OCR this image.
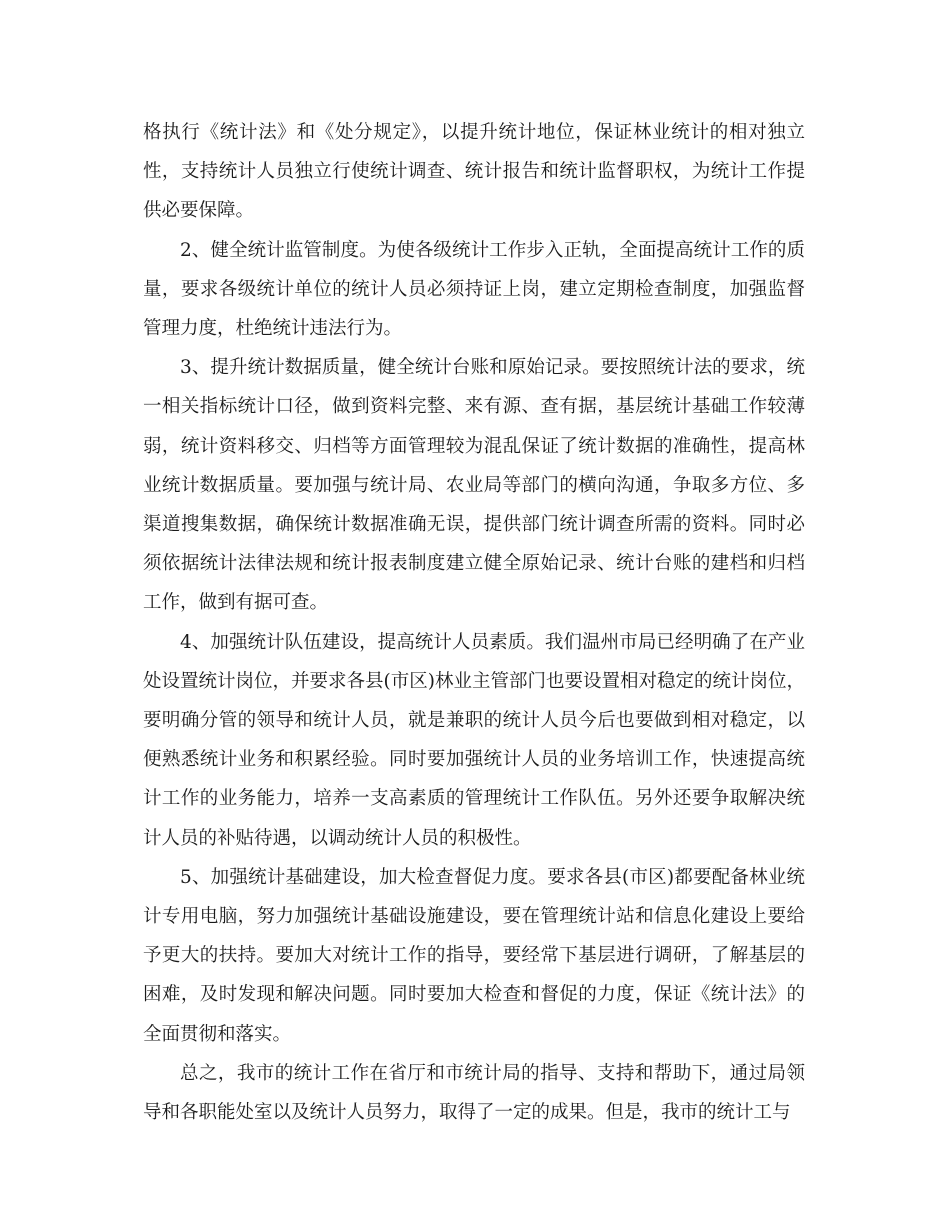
格执行《统计法》和《处分规定》，以提升统计地位，保证林业统计的相对独立性，支持统计人员独立行使统计调查、统计报告和统计监督职权，为统计工作提供必要保障。

2、健全统计监管制度。为使各级统计工作步入正轨，全面提高统计工作的质量，要求各级统计单位的统计人员必须持证上岗，建立定期检查制度，加强监督管理力度，杜绝统计违法行为。

3、提升统计数据质量，健全统计台账和原始记录。要按照统计法的要求，统一相关指标统计口径，做到资料完整、来有源、查有据，基层统计基础工作较薄弱，统计资料移交、归档等方面管理较为混乱保证了统计数据的准确性，提高林业统计数据质量。要加强与统计局、农业局等部门的横向沟通，争取多方位、多渠道搜集数据，确保统计数据准确无误，提供部门统计调查所需的资料。同时必须依据统计法律法规和统计报表制度建立健全原始记录、统计台账的建档和归档工作，做到有据可查。

4、加强统计队伍建设，提高统计人员素质。我们温州市局已经明确了在产业处设置统计岗位，并要求各县(市区)林业主管部门也要设置相对稳定的统计岗位，要明确分管的领导和统计人员，就是兼职的统计人员今后也要做到相对稳定，以便熟悉统计业务和积累经验。同时要加强统计人员的业务培训工作，快速提高统计工作的业务能力，培养一支高素质的管理统计工作队伍。另外还要争取解决统计人员的补贴待遇，以调动统计人员的积极性。

5、加强统计基础建设，加大检查督促力度。要求各县(市区)都要配备林业统计专用电脑，努力加强统计基础设施建设，要在管理统计站和信息化建设上要给予更大的扶持。要加大对统计工作的指导，要经常下基层进行调研，了解基层的困难，及时发现和解决问题。同时要加大检查和督促的力度，保证《统计法》的全面贯彻和落实。

总之，我市的统计工作在省厅和市统计局的指导、支持和帮助下，通过局领导和各职能处室以及统计人员努力，取得了一定的成果。但是，我市的统计工与
